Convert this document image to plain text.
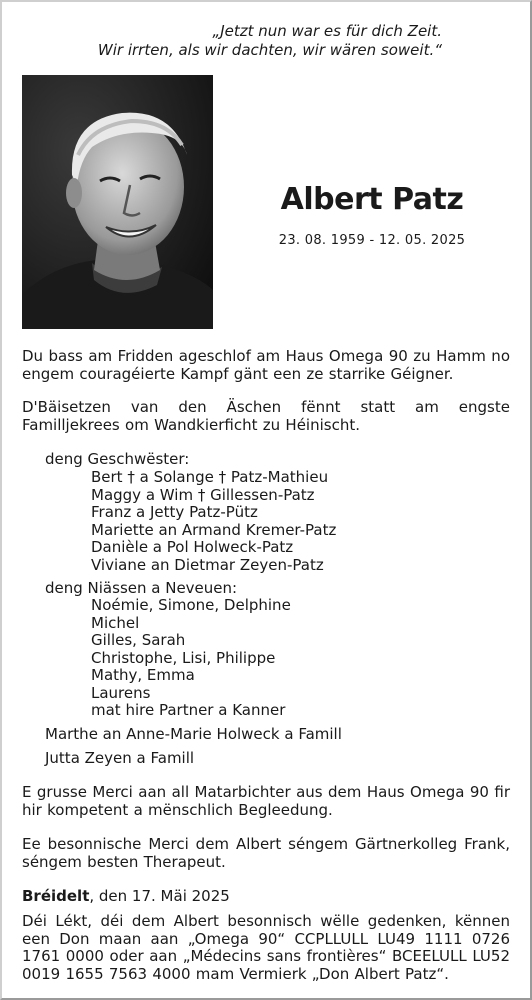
„Jetzt nun war es für dich Zeit.
Wir irrten, als wir dachten, wir wären soweit.“
Albert Patz
23. 08. 1959 - 12. 05. 2025
Du bass am Fridden ageschlof am Haus Omega 90 zu Hamm no engem couragéierte Kampf gänt een ze starrike Géigner.
D'Bäisetzen van den Äschen fënnt statt am engste Familljekrees om Wandkierficht zu Héinischt.
deng Geschwëster:
Bert † a Solange † Patz-Mathieu
Maggy a Wim † Gillessen-Patz
Franz a Jetty Patz-Pütz
Mariette an Armand Kremer-Patz
Danièle a Pol Holweck-Patz
Viviane an Dietmar Zeyen-Patz
deng Niässen a Neveuen:
Noémie, Simone, Delphine
Michel
Gilles, Sarah
Christophe, Lisi, Philippe
Mathy, Emma
Laurens
mat hire Partner a Kanner
Marthe an Anne-Marie Holweck a Famill
Jutta Zeyen a Famill
E grusse Merci aan all Matarbichter aus dem Haus Omega 90 fir hir kompetent a mënschlich Begleedung.
Ee besonnische Merci dem Albert séngem Gärtnerkolleg Frank, séngem besten Therapeut.
Bréidelt, den 17. Mäi 2025
Déi Lékt, déi dem Albert besonnisch wëlle gedenken, kënnen een Don maan aan „Omega 90“ CCPLLULL LU49 1111 0726 1761 0000 oder aan „Médecins sans frontières“ BCEELULL LU52 0019 1655 7563 4000 mam Vermierk „Don Albert Patz“.
